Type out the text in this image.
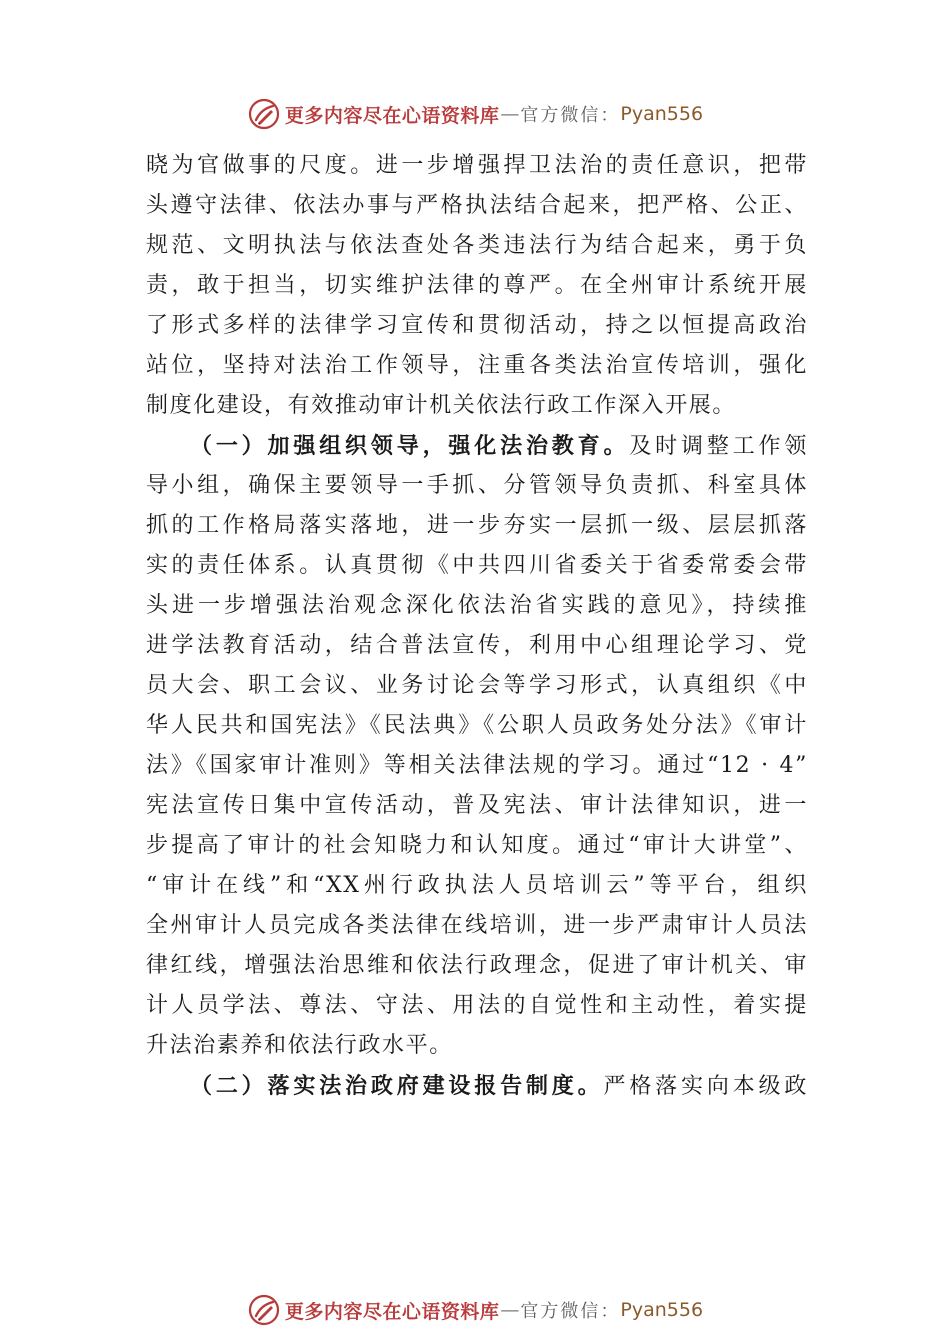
更多内容尽在心语资料库 — 官方微信： Pyan556
晓为官做事的尺度。进一步增强捍卫法治的责任意识，把带
头遵守法律、依法办事与严格执法结合起来，把严格、公正、
规范、文明执法与依法查处各类违法行为结合起来，勇于负
责，敢于担当，切实维护法律的尊严。在全州审计系统开展
了形式多样的法律学习宣传和贯彻活动，持之以恒提高政治
站位，坚持对法治工作领导，注重各类法治宣传培训，强化
制度化建设，有效推动审计机关依法行政工作深入开展。
（一）加强组织领导，强化法治教育。及时调整工作领
导小组，确保主要领导一手抓、分管领导负责抓、科室具体
抓的工作格局落实落地，进一步夯实一层抓一级、层层抓落
实的责任体系。认真贯彻《中共四川省委关于省委常委会带
头进一步增强法治观念深化依法治省实践的意见》，持续推
进学法教育活动，结合普法宣传，利用中心组理论学习、党
员大会、职工会议、业务讨论会等学习形式，认真组织《中
华人民共和国宪法》《民法典》《公职人员政务处分法》《审计
法》《国家审计准则》等相关法律法规的学习。通过“12 · 4”
宪法宣传日集中宣传活动，普及宪法、审计法律知识，进一
步提高了审计的社会知晓力和认知度。通过“审计大讲堂”、
“审计在线”和“XX州行政执法人员培训云”等平台，组织
全州审计人员完成各类法律在线培训，进一步严肃审计人员法
律红线，增强法治思维和依法行政理念，促进了审计机关、审
计人员学法、尊法、守法、用法的自觉性和主动性，着实提
升法治素养和依法行政水平。
（二）落实法治政府建设报告制度。严格落实向本级政
更多内容尽在心语资料库 — 官方微信： Pyan556
